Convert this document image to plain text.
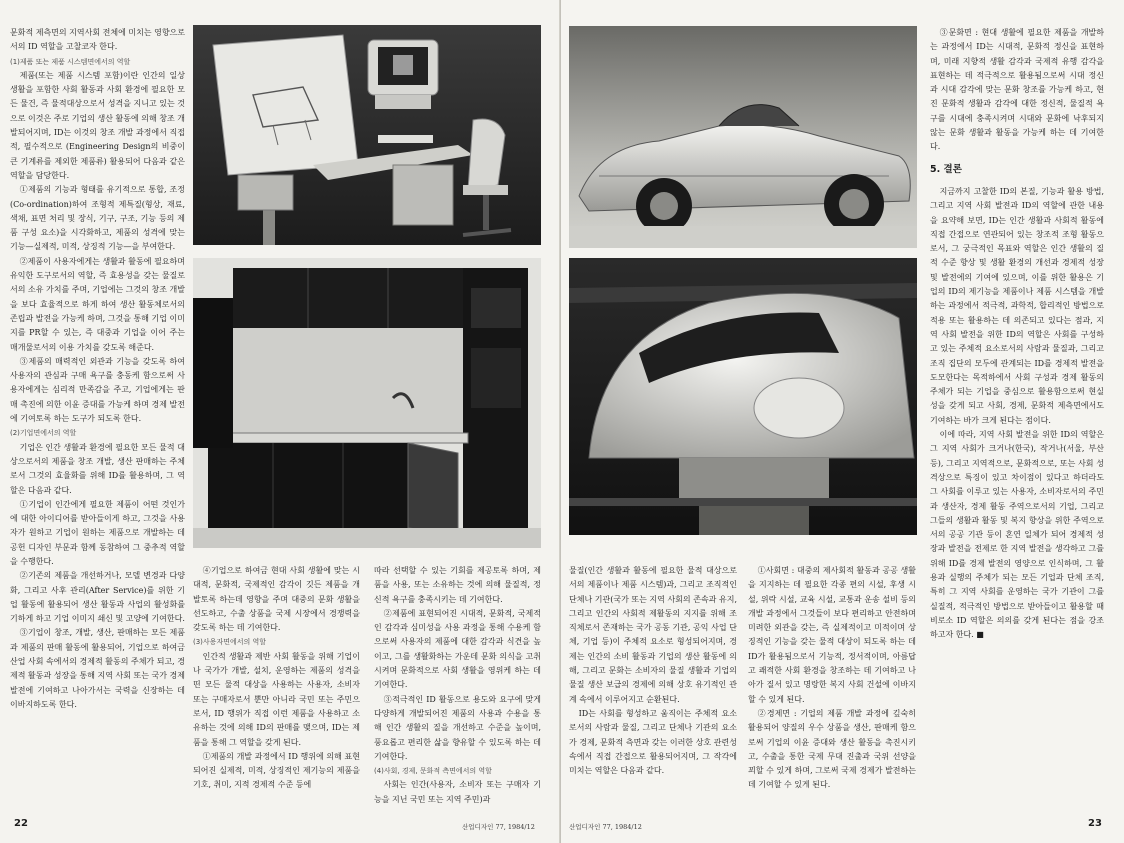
문화적 제측면의 지역사회 전체에 미치는 영향으로서의 ID 역할을 고찰코자 한다.

(1)제품 또는 제품 시스템면에서의 역할

제품(또는 제품 시스템 포함)이란 인간의 일상 생활을 포함한 사회 활동과 사회 환경에 필요한 모든 물건, 즉 물적대상으로서 성격을 지니고 있는 것으로 이것은 주로 기업의 생산 활동에 의해 창조 개발되어지며, ID는 이것의 창조 개발 과정에서 직접적, 필수적으로 (Engineering Design의 비중이 큰 기계류를 제외한 제품류) 활용되어 다음과 같은 역할을 담당한다.

①제품의 기능과 형태를 유기적으로 통합, 조정(Co-ordination)하여 조형적 제특질(형상, 재료, 색채, 표면 처리 및 장식, 기구, 구조, 기능 등의 제품 구성 요소)을 시각화하고, 제품의 성격에 맞는 기능—실제적, 미적, 상징적 기능—을 부여한다.

②제품이 사용자에게는 생활과 활동에 필요하며 유익한 도구로서의 역할, 즉 효용성을 갖는 물질로서의 소유 가치를 주며, 기업에는 그것의 창조 개발을 보다 효율적으로 하게 하여 생산 활동체로서의 존립과 발전을 가능케 하며, 그것을 통해 기업 이미지를 PR할 수 있는, 즉 대중과 기업을 이어 주는 매개물로서의 이용 가치를 갖도록 해준다.

③제품의 매력적인 외관과 기능을 갖도록 하여 사용자의 관심과 구매 욕구를 충동케 함으로써 사용자에게는 심리적 만족감을 주고, 기업에게는 판매 촉진에 의한 이윤 증대를 가능케 하며 경제 발전에 기여토록 하는 도구가 되도록 한다.

(2)기업면에서의 역할

기업은 인간 생활과 환경에 필요한 모든 물적 대상으로서의 제품을 창조 개발, 생산 판매하는 주체로서 그것의 효율화를 위해 ID를 활용하며, 그 역할은 다음과 같다.

①기업이 인간에게 필요한 제품이 어떤 것인가에 대한 아이디어를 받아들이게 하고, 그것을 사용자가 원하고 기업이 원하는 제품으로 개발하는 데 공헌 디자인 부문과 함께 동참하여 그 중추적 역할을 수행한다.

②기존의 제품을 개선하거나, 모델 변경과 다양화, 그리고 사후 관리(After Service)를 위한 기업 활동에 활용되어 생산 활동과 사업의 활성화를 기하게 하고 기업 이미지 쇄신 및 고양에 기여한다.

③기업이 창조, 개발, 생산, 판매하는 모든 제품과 제품의 판매 활동에 활용되어, 기업으로 하여금 산업 사회 속에서의 경제적 활동의 주체가 되고, 경제적 활동과 성장을 통해 지역 사회 또는 국가 경제 발전에 기여하고 나아가서는 국력을 신장하는 데 이바지하도록 한다.

④기업으로 하여금 현대 사회 생활에 맞는 시대적, 문화적, 국제적인 감각이 깃든 제품을 개발토록 하는데 영향을 주며 대중의 문화 생활을 선도하고, 수출 상품을 국제 시장에서 경쟁력을 갖도록 하는 데 기여한다.

(3)사용자면에서의 역할

인간적 생활과 제반 사회 활동을 위해 기업이나 국가가 개발, 설치, 운영하는 제품의 성격을 띤 모든 물적 대상을 사용하는 사용자, 소비자 또는 구매자로서 뿐만 아니라 국민 또는 주민으로서, ID 행위가 직접 이런 제품을 사용하고 소유하는 것에 의해 ID의 판매를 맺으며, ID는 제품을 통해 그 역할을 갖게 된다.

①제품의 개발 과정에서 ID 행위에 의해 표현되어진 실제적, 미적, 상징적인 제기능의 제품을 기호, 취미, 지적 경제적 수준 등에

따라 선택할 수 있는 기회를 제공토록 하며, 제품을 사용, 또는 소유하는 것에 의해 물질적, 정신적 욕구를 충족시키는 데 기여한다.

②제품에 표현되어진 시대적, 문화적, 국제적인 감각과 심미성을 사용 과정을 통해 수용케 함으로써 사용자의 제품에 대한 감각과 식견을 높이고, 그를 생활화하는 가운데 문화 의식을 고취시켜며 문화적으로 사회 생활을 영위케 하는 데 기여한다.

③적극적인 ID 활동으로 용도와 요구에 맞게 다양하게 개발되어진 제품의 사용과 수용을 통해 인간 생활의 질을 개선하고 수준을 높이며, 풍요롭고 편리한 삶을 향유할 수 있도록 하는 데 기여한다.

(4)사회, 경제, 문화적 측면에서의 역할

사회는 인간(사용자, 소비자 또는 구매자 기능을 지닌 국민 또는 지역 주민)과

22	산업디자인 77, 1984/12

물질(인간 생활과 활동에 필요한 물적 대상으로서의 제품이나 제품 시스템)과, 그리고 조직적인 단체나 기관(국가 또는 지역 사회의 존속과 유지, 그리고 인간의 사회적 제활동의 지지를 위해 조직체로서 존재하는 국가 공동 기관, 공익 사업 단체, 기업 등)이 주체적 요소로 형성되어지며, 경제는 인간의 소비 활동과 기업의 생산 활동에 의해, 그리고 문화는 소비자의 물질 생활과 기업의 물질 생산 보급의 경제에 의해 상호 유기적인 관계 속에서 이루어지고 순환된다.

ID는 사회를 형성하고 움직이는 주체적 요소로서의 사람과 물질, 그리고 단체나 기관의 요소가 경제, 문화적 측면과 갖는 이러한 상호 관련성 속에서 직접 간접으로 활용되어지며, 그 작각에 미치는 역할은 다음과 같다.

①사회면 : 대중의 제사회적 활동과 공공 생활을 지지하는 데 필요한 각종 편의 시설, 후생 시설, 위락 시설, 교육 시설, 교통과 운송 설비 등의 개발 과정에서 그것들이 보다 편리하고 안전하며 미려한 외관을 갖는, 즉 실제적이고 미적이며 상징적인 기능을 갖는 물적 대상이 되도록 하는 데 ID가 활용됨으로서 기능적, 정서적이며, 아름답고 쾌적한 사회 환경을 창조하는 데 기여하고 나아가 질서 있고 명랑한 복지 사회 건설에 이바지할 수 있게 된다.

②경제면 : 기업의 제품 개발 과정에 깊숙히 활용되어 양질의 우수 상품을 생산, 판매케 함으로써 기업의 이윤 증대와 생산 활동을 촉진시키고, 수출을 통한 국제 무대 진출과 국위 선양을 꾀할 수 있게 하며, 그로써 국제 경제가 발전하는 데 기여할 수 있게 된다.

③문화면 : 현대 생활에 필요한 제품을 개발하는 과정에서 ID는 시대적, 문화적 정신을 표현하며, 미래 지향적 생활 감각과 국제적 유행 감각을 표현하는 데 적극적으로 활용됨으로써 시대 정신과 시대 감각에 맞는 문화 창조를 가능케 하고, 현진 문화적 생활과 감각에 대한 정신적, 물질적 욕구를 시대에 충족시켜며 시대와 문화에 낙후되지 않는 문화 생활과 활동을 가능케 하는 데 기여한다.

5. 결론

지금까지 고찰한 ID의 본질, 기능과 활용 방법, 그리고 지역 사회 발전과 ID의 역할에 관한 내용을 요약해 보면, ID는 인간 생활과 사회적 활동에 직접 간접으로 연관되어 있는 창조적 조형 활동으로서, 그 궁극적인 목표와 역할은 인간 생활의 질적 수준 향상 및 생활 환경의 개선과 경제적 성장 및 발전에의 기여에 있으며, 이를 위한 활용은 기업의 ID의 제기능을 제품이나 제품 시스템을 개발하는 과정에서 적극적, 과학적, 합리적인 방법으로 적용 또는 활용하는 데 의존되고 있다는 점과, 지역 사회 발전을 위한 ID의 역할은 사회를 구성하고 있는 주체적 요소로서의 사람과 물질과, 그리고 조직 집단의 모두에 관계되는 ID를 경제적 발전을 도모한다는 목적하에서 사회 구성과 경제 활동의 주체가 되는 기업을 중심으로 활용함으로써 현실성을 갖게 되고 사회, 경제, 문화적 제측면에서도 기여하는 바가 크게 된다는 점이다.

이에 따라, 지역 사회 발전을 위한 ID의 역할은 그 지역 사회가 크거나(한국), 작거나(서울, 부산 등), 그리고 지역적으로, 문화적으로, 또는 사회 성격상으로 특징이 있고 차이점이 있다고 하더라도 그 사회를 이루고 있는 사용자, 소비자로서의 주민과 생산자, 경제 활동 주역으로서의 기업, 그리고 그들의 생활과 활동 및 복지 향상을 위한 주역으로서의 공공 기관 등이 혼연 일체가 되어 경제적 성장과 발전을 전제로 한 지역 발전을 생각하고 그를 위해 ID를 경제 발전의 영양으로 인식하며, 그 활용과 실행의 주체가 되는 모든 기업과 단체 조직, 특히 그 지역 사회를 운영하는 국가 기관이 그를 실질적, 적극적인 방법으로 받아들이고 활용할 때 비로소 ID 역할은 의의를 갖게 된다는 점을 강조하고자 한다. ■

산업디자인 77, 1984/12	23
